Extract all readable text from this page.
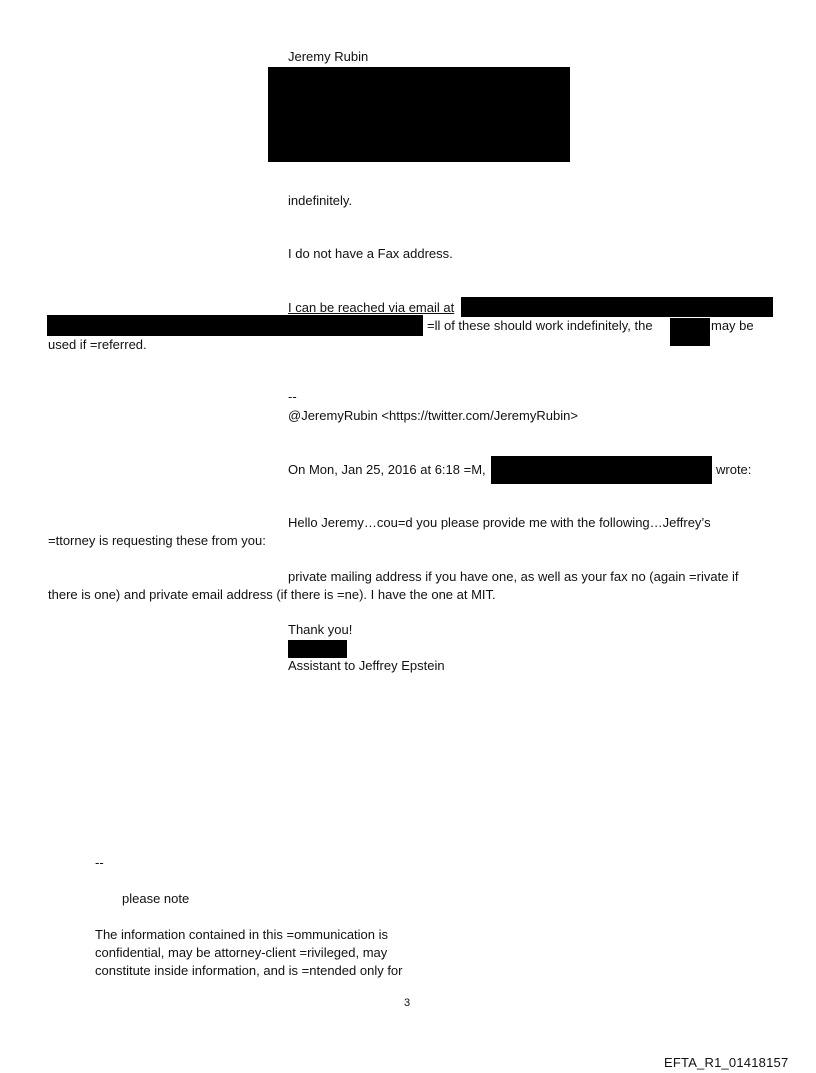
Jeremy Rubin
indefinitely.
I do not have a Fax address.
I can be reached via email at
=ll of these should work indefinitely, the	may be
used if =referred.
--
@JeremyRubin <https://twitter.com/JeremyRubin>
On Mon, Jan 25, 2016 at 6:18 =M,	wrote:
Hello Jeremy…cou=d you please provide me with the following…Jeffrey’s
=ttorney is requesting these from you:
private mailing address if you have one, as well as your fax no (again =rivate if
there is one) and private email address (if there is =ne). I have the one at MIT.
Thank you!
Assistant to Jeffrey Epstein
--
please note
The information contained in this =ommunication is
confidential, may be attorney-client =rivileged, may
constitute inside information, and is =ntended only for
3
EFTA_R1_01418157
